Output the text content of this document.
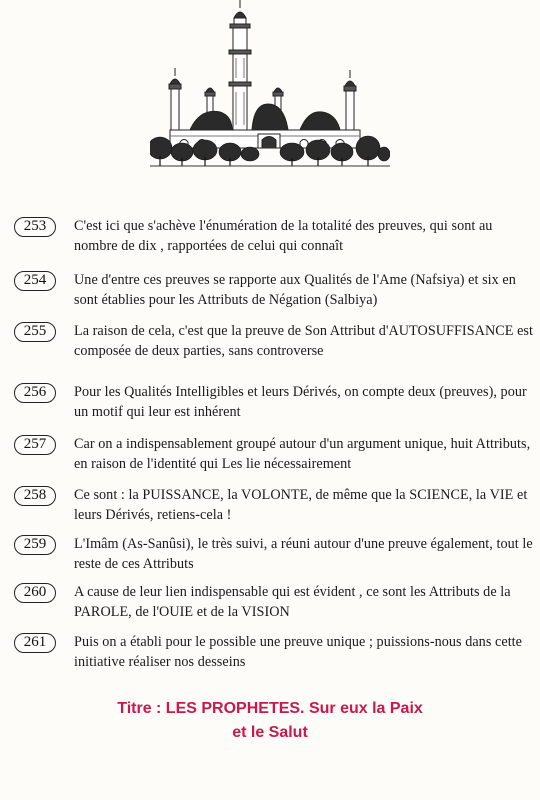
253	C'est ici que s'achève l'énumération de la totalité des preuves, qui sont au nombre de dix , rapportées de celui qui connaît
254	Une d'entre ces preuves se rapporte aux Qualités de l'Ame (Nafsiya) et six en sont établies pour les Attributs de Négation (Salbiya)
255	La raison de cela, c'est que la preuve de Son Attribut d'AUTOSUFFISANCE est composée de deux parties, sans controverse
256	Pour les Qualités Intelligibles et leurs Dérivés, on compte deux (preuves), pour un motif qui leur est inhérent
257	Car on a indispensablement groupé autour d'un argument unique, huit Attributs, en raison de l'identité qui Les lie nécessairement
258	Ce sont : la PUISSANCE, la VOLONTE, de même que la SCIENCE, la VIE et leurs Dérivés, retiens-cela !
259	L'Imâm (As-Sanûsi), le très suivi, a réuni autour d'une preuve également, tout le reste de ces Attributs
260	A cause de leur lien indispensable qui est évident , ce sont les Attributs de la PAROLE, de l'OUIE et de la VISION
261	Puis on a établi pour le possible une preuve unique ; puissions-nous dans cette initiative réaliser nos desseins
Titre : LES PROPHETES. Sur eux la Paix
et le Salut
